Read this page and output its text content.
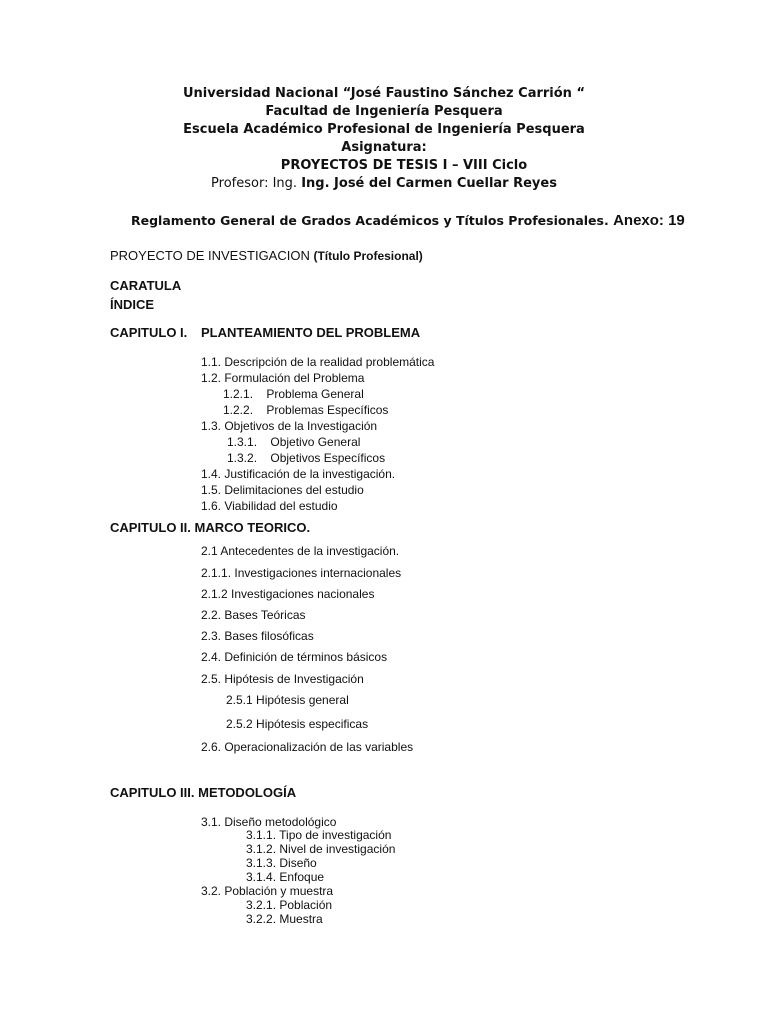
Universidad Nacional “José Faustino Sánchez Carrión “
Facultad de Ingeniería Pesquera
Escuela Académico Profesional de Ingeniería Pesquera
Asignatura:
PROYECTOS DE TESIS I – VIII Ciclo
Profesor: Ing. Ing. José del Carmen Cuellar Reyes
Reglamento General de Grados Académicos y Títulos Profesionales. Anexo: 19
PROYECTO DE INVESTIGACION (Título Profesional)
CARATULA
ÍNDICE
CAPITULO I. PLANTEAMIENTO DEL PROBLEMA
1.1. Descripción de la realidad problemática
1.2. Formulación del Problema
1.2.1.    Problema General
1.2.2.    Problemas Específicos
1.3. Objetivos de la Investigación
1.3.1.    Objetivo General
1.3.2.    Objetivos Específicos
1.4. Justificación de la investigación.
1.5. Delimitaciones del estudio
1.6. Viabilidad del estudio
CAPITULO II. MARCO TEORICO.
2.1 Antecedentes de la investigación.
2.1.1. Investigaciones internacionales
2.1.2 Investigaciones nacionales
2.2. Bases Teóricas
2.3. Bases filosóficas
2.4. Definición de términos básicos
2.5. Hipótesis de Investigación
2.5.1 Hipótesis general
2.5.2 Hipótesis especificas
2.6. Operacionalización de las variables
CAPITULO III. METODOLOGÍA
3.1. Diseño metodológico
3.1.1. Tipo de investigación
3.1.2. Nivel de investigación
3.1.3. Diseño
3.1.4. Enfoque
3.2. Población y muestra
3.2.1. Población
3.2.2. Muestra
